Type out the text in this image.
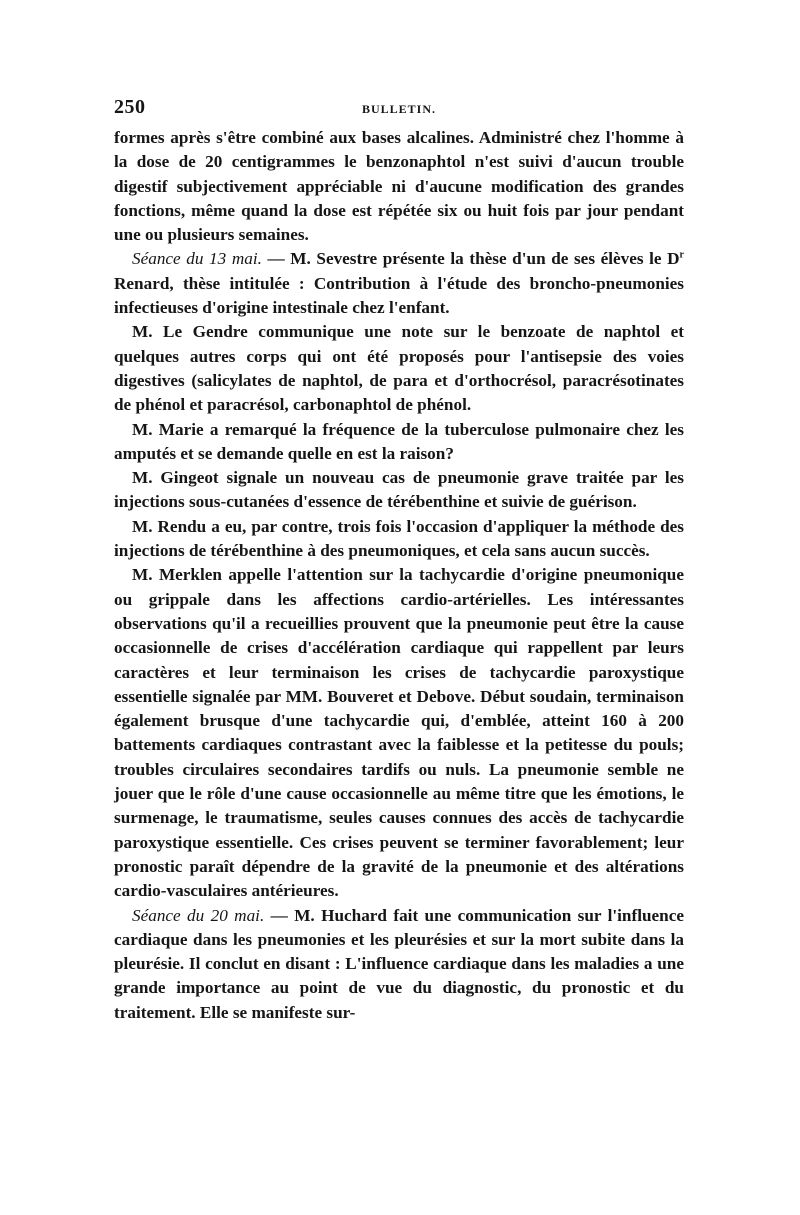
250	BULLETIN.

formes après s'être combiné aux bases alcalines. Administré chez l'homme à la dose de 20 centigrammes le benzonaphtol n'est suivi d'aucun trouble digestif subjectivement appréciable ni d'aucune modification des grandes fonctions, même quand la dose est répétée six ou huit fois par jour pendant une ou plusieurs semaines.

Séance du 13 mai. — M. Sevestre présente la thèse d'un de ses élèves le $D^r$ Renard, thèse intitulée : Contribution à l'étude des broncho-pneumonies infectieuses d'origine intestinale chez l'enfant.

M. Le Gendre communique une note sur le benzoate de naphtol et quelques autres corps qui ont été proposés pour l'antisepsie des voies digestives (salicylates de naphtol, de para et d'orthocrésol, paracrésotinates de phénol et paracrésol, carbonaphtol de phénol.

M. Marie a remarqué la fréquence de la tuberculose pulmonaire chez les amputés et se demande quelle en est la raison?

M. Gingeot signale un nouveau cas de pneumonie grave traitée par les injections sous-cutanées d'essence de térébenthine et suivie de guérison.

M. Rendu a eu, par contre, trois fois l'occasion d'appliquer la méthode des injections de térébenthine à des pneumoniques, et cela sans aucun succès.

M. Merklen appelle l'attention sur la tachycardie d'origine pneumonique ou grippale dans les affections cardio-artérielles. Les intéressantes observations qu'il a recueillies prouvent que la pneumonie peut être la cause occasionnelle de crises d'accélération cardiaque qui rappellent par leurs caractères et leur terminaison les crises de tachycardie paroxystique essentielle signalée par MM. Bouveret et Debove. Début soudain, terminaison également brusque d'une tachycardie qui, d'emblée, atteint 160 à 200 battements cardiaques contrastant avec la faiblesse et la petitesse du pouls; troubles circulaires secondaires tardifs ou nuls. La pneumonie semble ne jouer que le rôle d'une cause occasionnelle au même titre que les émotions, le surmenage, le traumatisme, seules causes connues des accès de tachycardie paroxystique essentielle. Ces crises peuvent se terminer favorablement; leur pronostic paraît dépendre de la gravité de la pneumonie et des altérations cardio-vasculaires antérieures.

Séance du 20 mai. — M. Huchard fait une communication sur l'influence cardiaque dans les pneumonies et les pleurésies et sur la mort subite dans la pleurésie. Il conclut en disant : L'influence cardiaque dans les maladies a une grande importance au point de vue du diagnostic, du pronostic et du traitement. Elle se manifeste sur-
